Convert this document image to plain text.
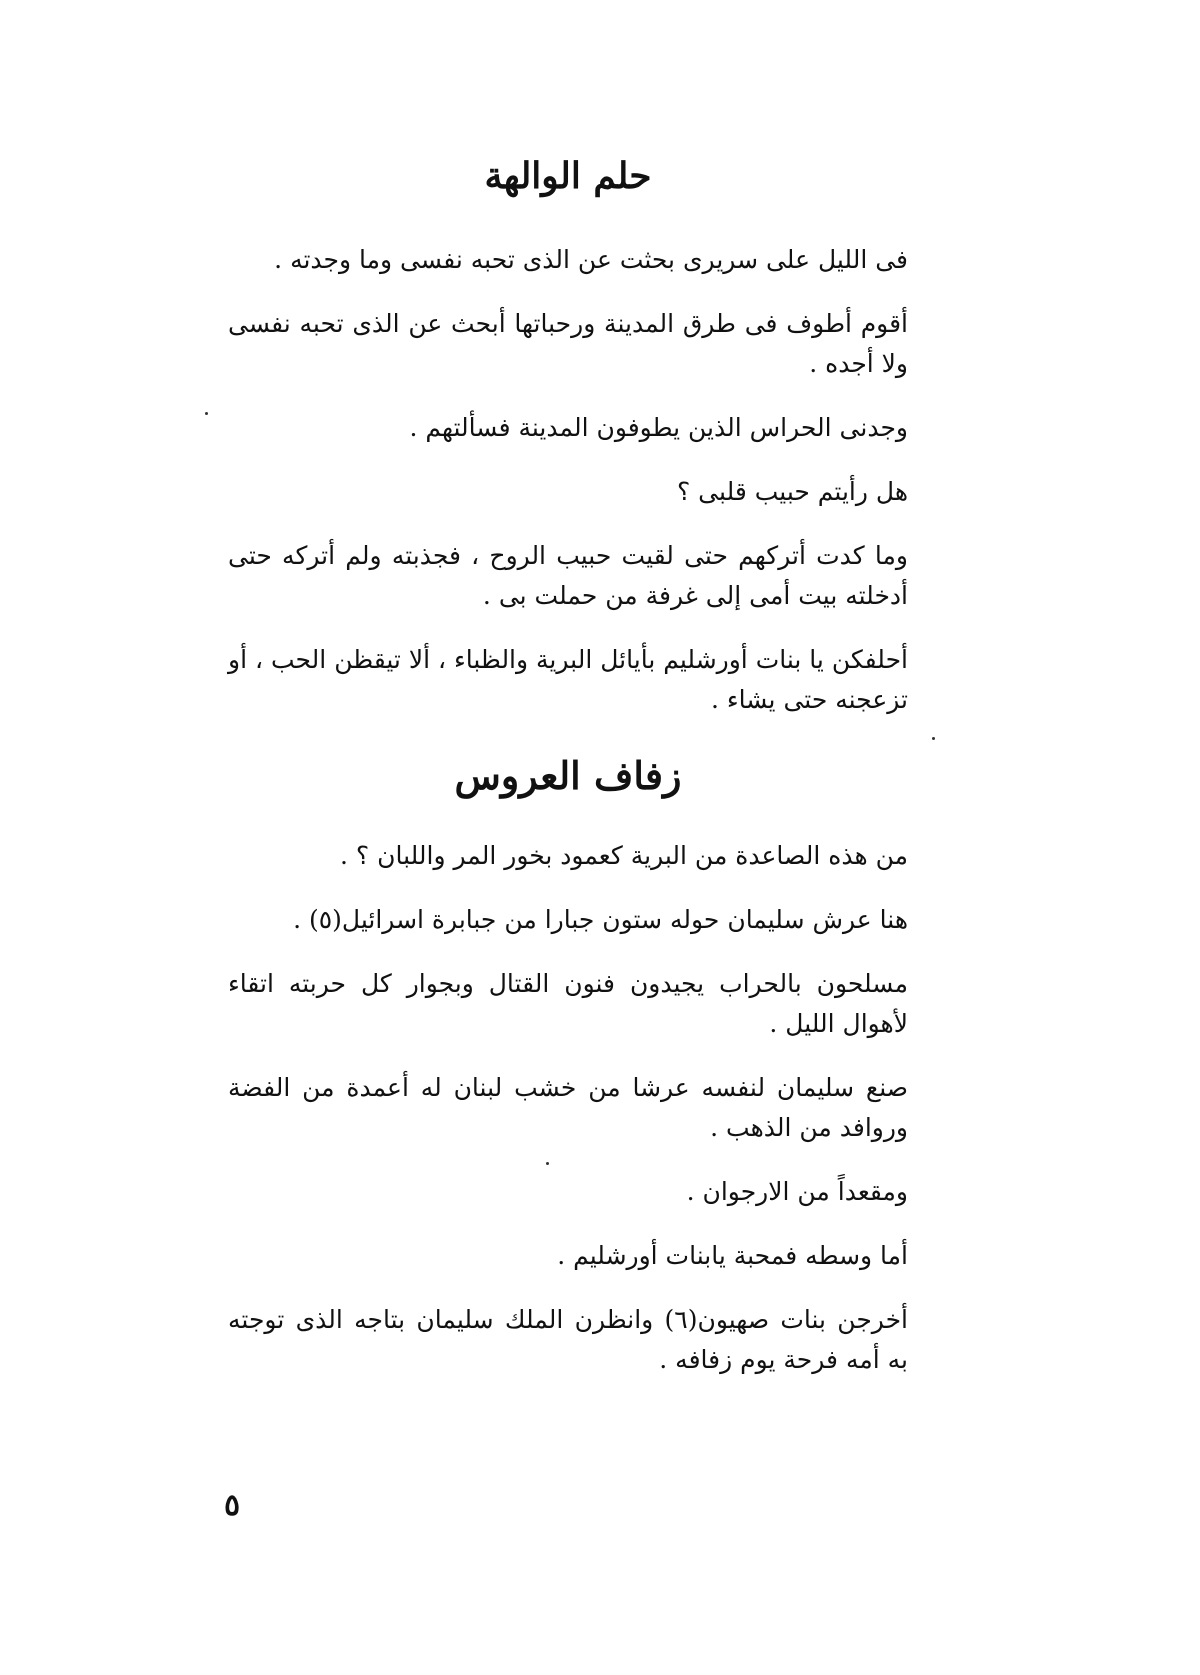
حلم الوالهة

فى الليل على سريرى بحثت عن الذى تحبه نفسى وما وجدته .

أقوم أطوف فى طرق المدينة ورحباتها أبحث عن الذى تحبه نفسى ولا أجده .

وجدنى الحراس الذين يطوفون المدينة فسألتهم .

هل رأيتم حبيب قلبى ؟

وما كدت أتركهم حتى لقيت حبيب الروح ، فجذبته ولم أتركه حتى أدخلته بيت أمى إلى غرفة من حملت بى .

أحلفكن يا بنات أورشليم بأيائل البرية والظباء ، ألا تيقظن الحب ، أو تزعجنه حتى يشاء .

زفاف العروس

من هذه الصاعدة من البرية كعمود بخور المر واللبان ؟ .

هنا عرش سليمان حوله ستون جبارا من جبابرة اسرائيل(٥) .

مسلحون بالحراب يجيدون فنون القتال وبجوار كل حربته اتقاء لأهوال الليل .

صنع سليمان لنفسه عرشا من خشب لبنان له أعمدة من الفضة وروافد من الذهب .

ومقعداً من الارجوان .

أما وسطه فمحبة يابنات أورشليم .

أخرجن بنات صهيون(٦) وانظرن الملك سليمان بتاجه الذى توجته به أمه فرحة يوم زفافه .

٥
